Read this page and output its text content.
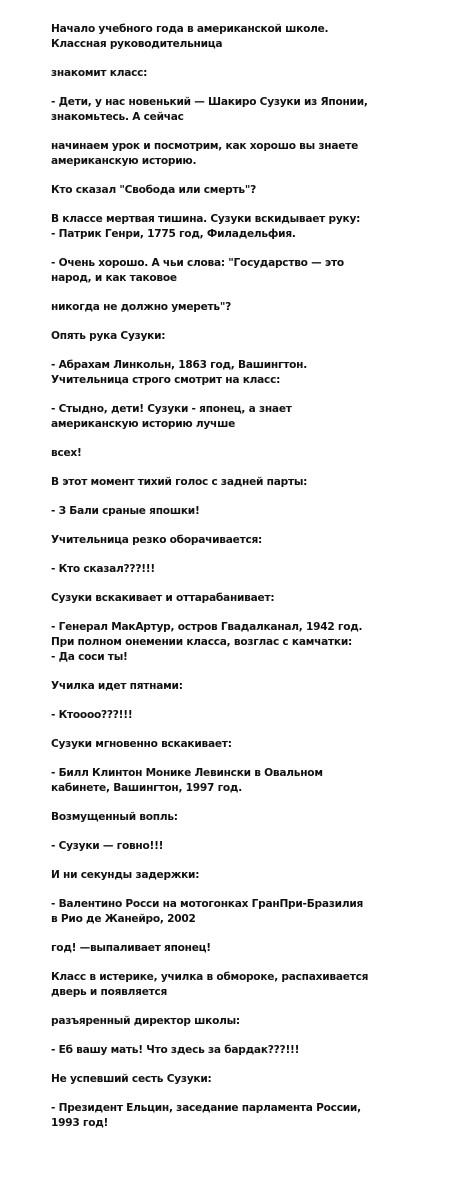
Начало учебного года в американской школе.
Классная руководительница

знакомит класс:

- Дети, у нас новенький — Шакиро Сузуки из Японии,
знакомьтесь. А сейчас

начинаем урок и посмотрим, как хорошо вы знаете
американскую историю.

Кто сказал "Свобода или смерть"?

В классе мертвая тишина. Сузуки вскидывает руку:
- Патрик Генри, 1775 год, Филадельфия.

- Очень хорошо. А чьи слова: "Государство — это
народ, и как таковое

никогда не должно умереть"?

Опять рука Сузуки:

- Абрахам Линкольн, 1863 год, Вашингтон.
Учительница строго смотрит на класс:

- Стыдно, дети! Сузуки - японец, а знает
американскую историю лучше

всех!

В этот момент тихий голос с задней парты:

- З Бали сраные япошки!

Учительница резко оборачивается:

- Кто сказал???!!!

Сузуки вскакивает и оттарабанивает:

- Генерал МакАртур, остров Гвадалканал, 1942 год.
При полном онемении класса, возглас с камчатки:
- Да соси ты!

Училка идет пятнами:

- Ктоооо???!!!

Сузуки мгновенно вскакивает:

- Билл Клинтон Монике Левински в Овальном
кабинете, Вашингтон, 1997 год.

Возмущенный вопль:

- Сузуки — говно!!!

И ни секунды задержки:

- Валентино Росси на мотогонках ГранПри-Бразилия
в Рио де Жанейро, 2002

год! —выпаливает японец!

Класс в истерике, училка в обмороке, распахивается
дверь и появляется

разъяренный директор школы:

- Еб вашу мать! Что здесь за бардак???!!!

Не успевший сесть Сузуки:

- Президент Ельцин, заседание парламента России,
1993 год!
